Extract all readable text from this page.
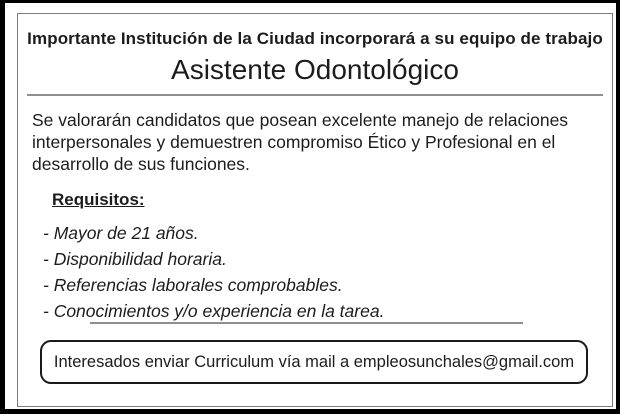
Importante Institución de la Ciudad incorporará a su equipo de trabajo
Asistente Odontológico
Se valorarán candidatos que posean excelente manejo de relaciones
interpersonales y demuestren compromiso Ético y Profesional en el
desarrollo de sus funciones.
Requisitos:
- Mayor de 21 años.
- Disponibilidad horaria.
- Referencias laborales comprobables.
- Conocimientos y/o experiencia en la tarea.
Interesados enviar Curriculum vía mail a empleosunchales@gmail.com
